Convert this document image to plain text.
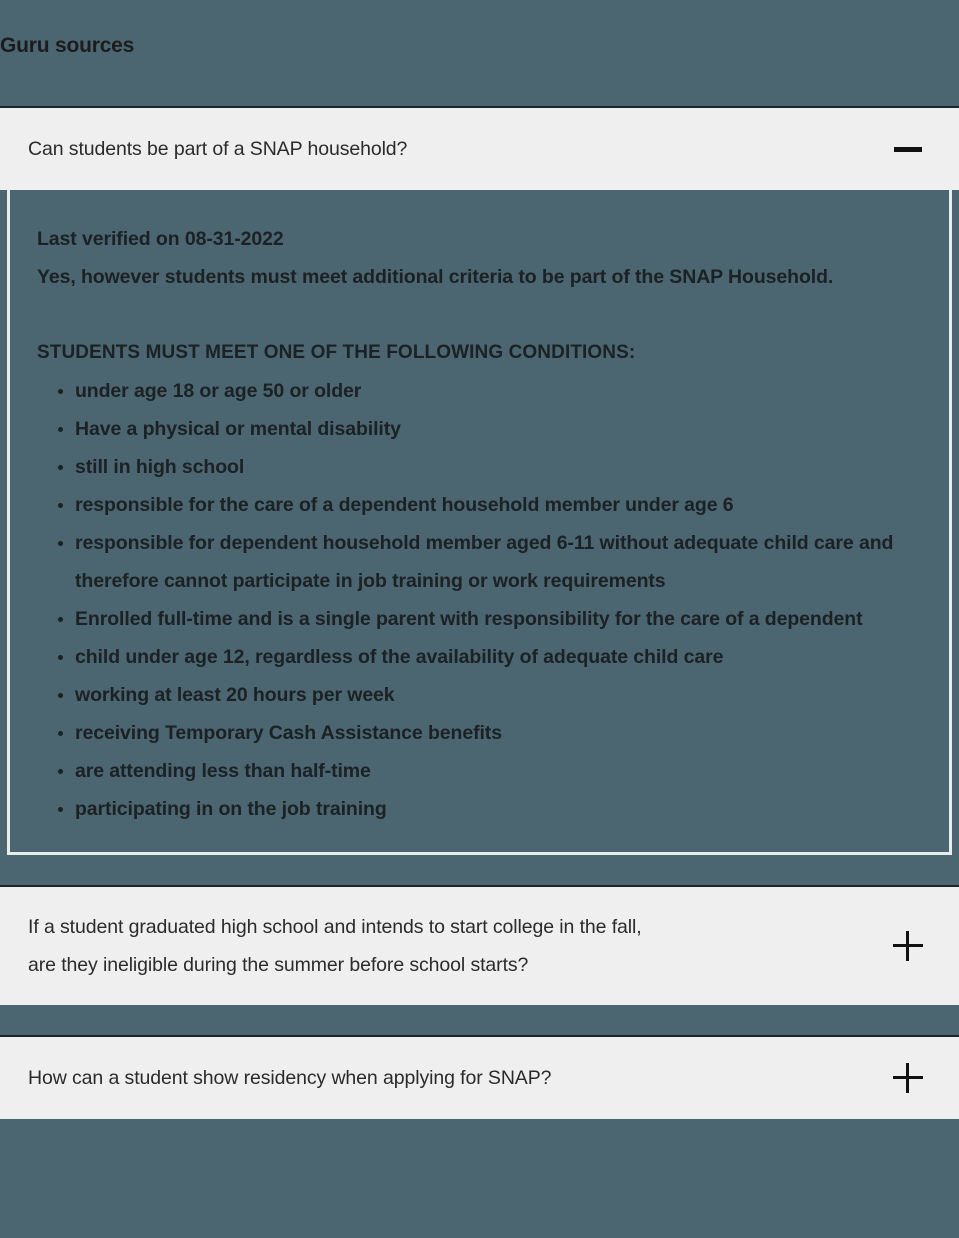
Guru sources
Can students be part of a SNAP household?
Last verified on 08-31-2022
Yes, however students must meet additional criteria to be part of the SNAP Household.
STUDENTS MUST MEET ONE OF THE FOLLOWING CONDITIONS:
under age 18 or age 50 or older
Have a physical or mental disability
still in high school
responsible for the care of a dependent household member under age 6
responsible for dependent household member aged 6-11 without adequate child care and therefore cannot participate in job training or work requirements
Enrolled full-time and is a single parent with responsibility for the care of a dependent
child under age 12, regardless of the availability of adequate child care
working at least 20 hours per week
receiving Temporary Cash Assistance benefits
are attending less than half-time
participating in on the job training
If a student graduated high school and intends to start college in the fall,
are they ineligible during the summer before school starts?
How can a student show residency when applying for SNAP?
